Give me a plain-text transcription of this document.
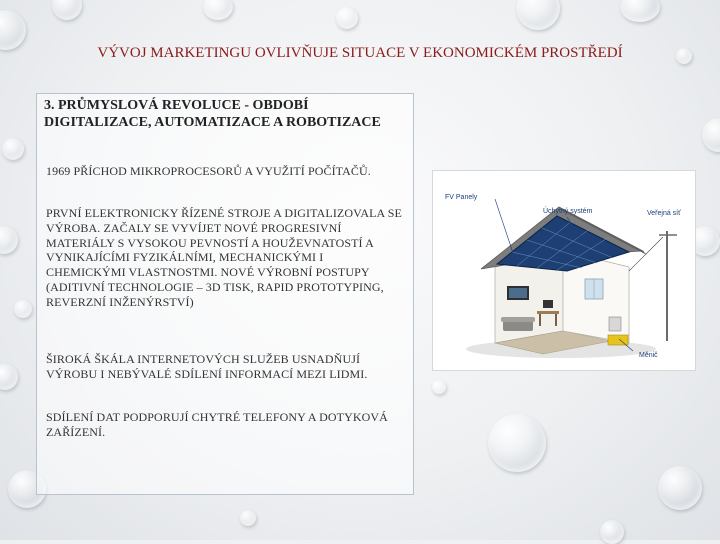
VÝVOJ MARKETINGU OVLIVŇUJE SITUACE V EKONOMICKÉM PROSTŘEDÍ
3. PRŮMYSLOVÁ REVOLUCE - OBDOBÍ DIGITALIZACE, AUTOMATIZACE A ROBOTIZACE
1969 PŘÍCHOD MIKROPROCESORŮ A VYUŽITÍ POČÍTAČŮ.
PRVNÍ ELEKTRONICKY ŘÍZENÉ STROJE A DIGITALIZOVALA SE VÝROBA. ZAČALY SE VYVÍJET NOVÉ PROGRESIVNÍ MATERIÁLY S VYSOKOU PEVNOSTÍ A HOUŽEVNATOSTÍ A VYNIKAJÍCÍMI FYZIKÁLNÍMI, MECHANICKÝMI I CHEMICKÝMI VLASTNOSTMI. NOVÉ VÝROBNÍ POSTUPY (ADITIVNÍ TECHNOLOGIE – 3D TISK, RAPID PROTOTYPING, REVERZNÍ INŽENÝRSTVÍ)
ŠIROKÁ ŠKÁLA INTERNETOVÝCH SLUŽEB USNADŇUJÍ VÝROBU I NEBÝVALÉ SDÍLENÍ INFORMACÍ MEZI LIDMI.
SDÍLENÍ DAT PODPORUJÍ CHYTRÉ TELEFONY A DOTYKOVÁ ZAŘÍZENÍ.
FV Panely
Úchytný systém	Veřejná síť
Měnič
